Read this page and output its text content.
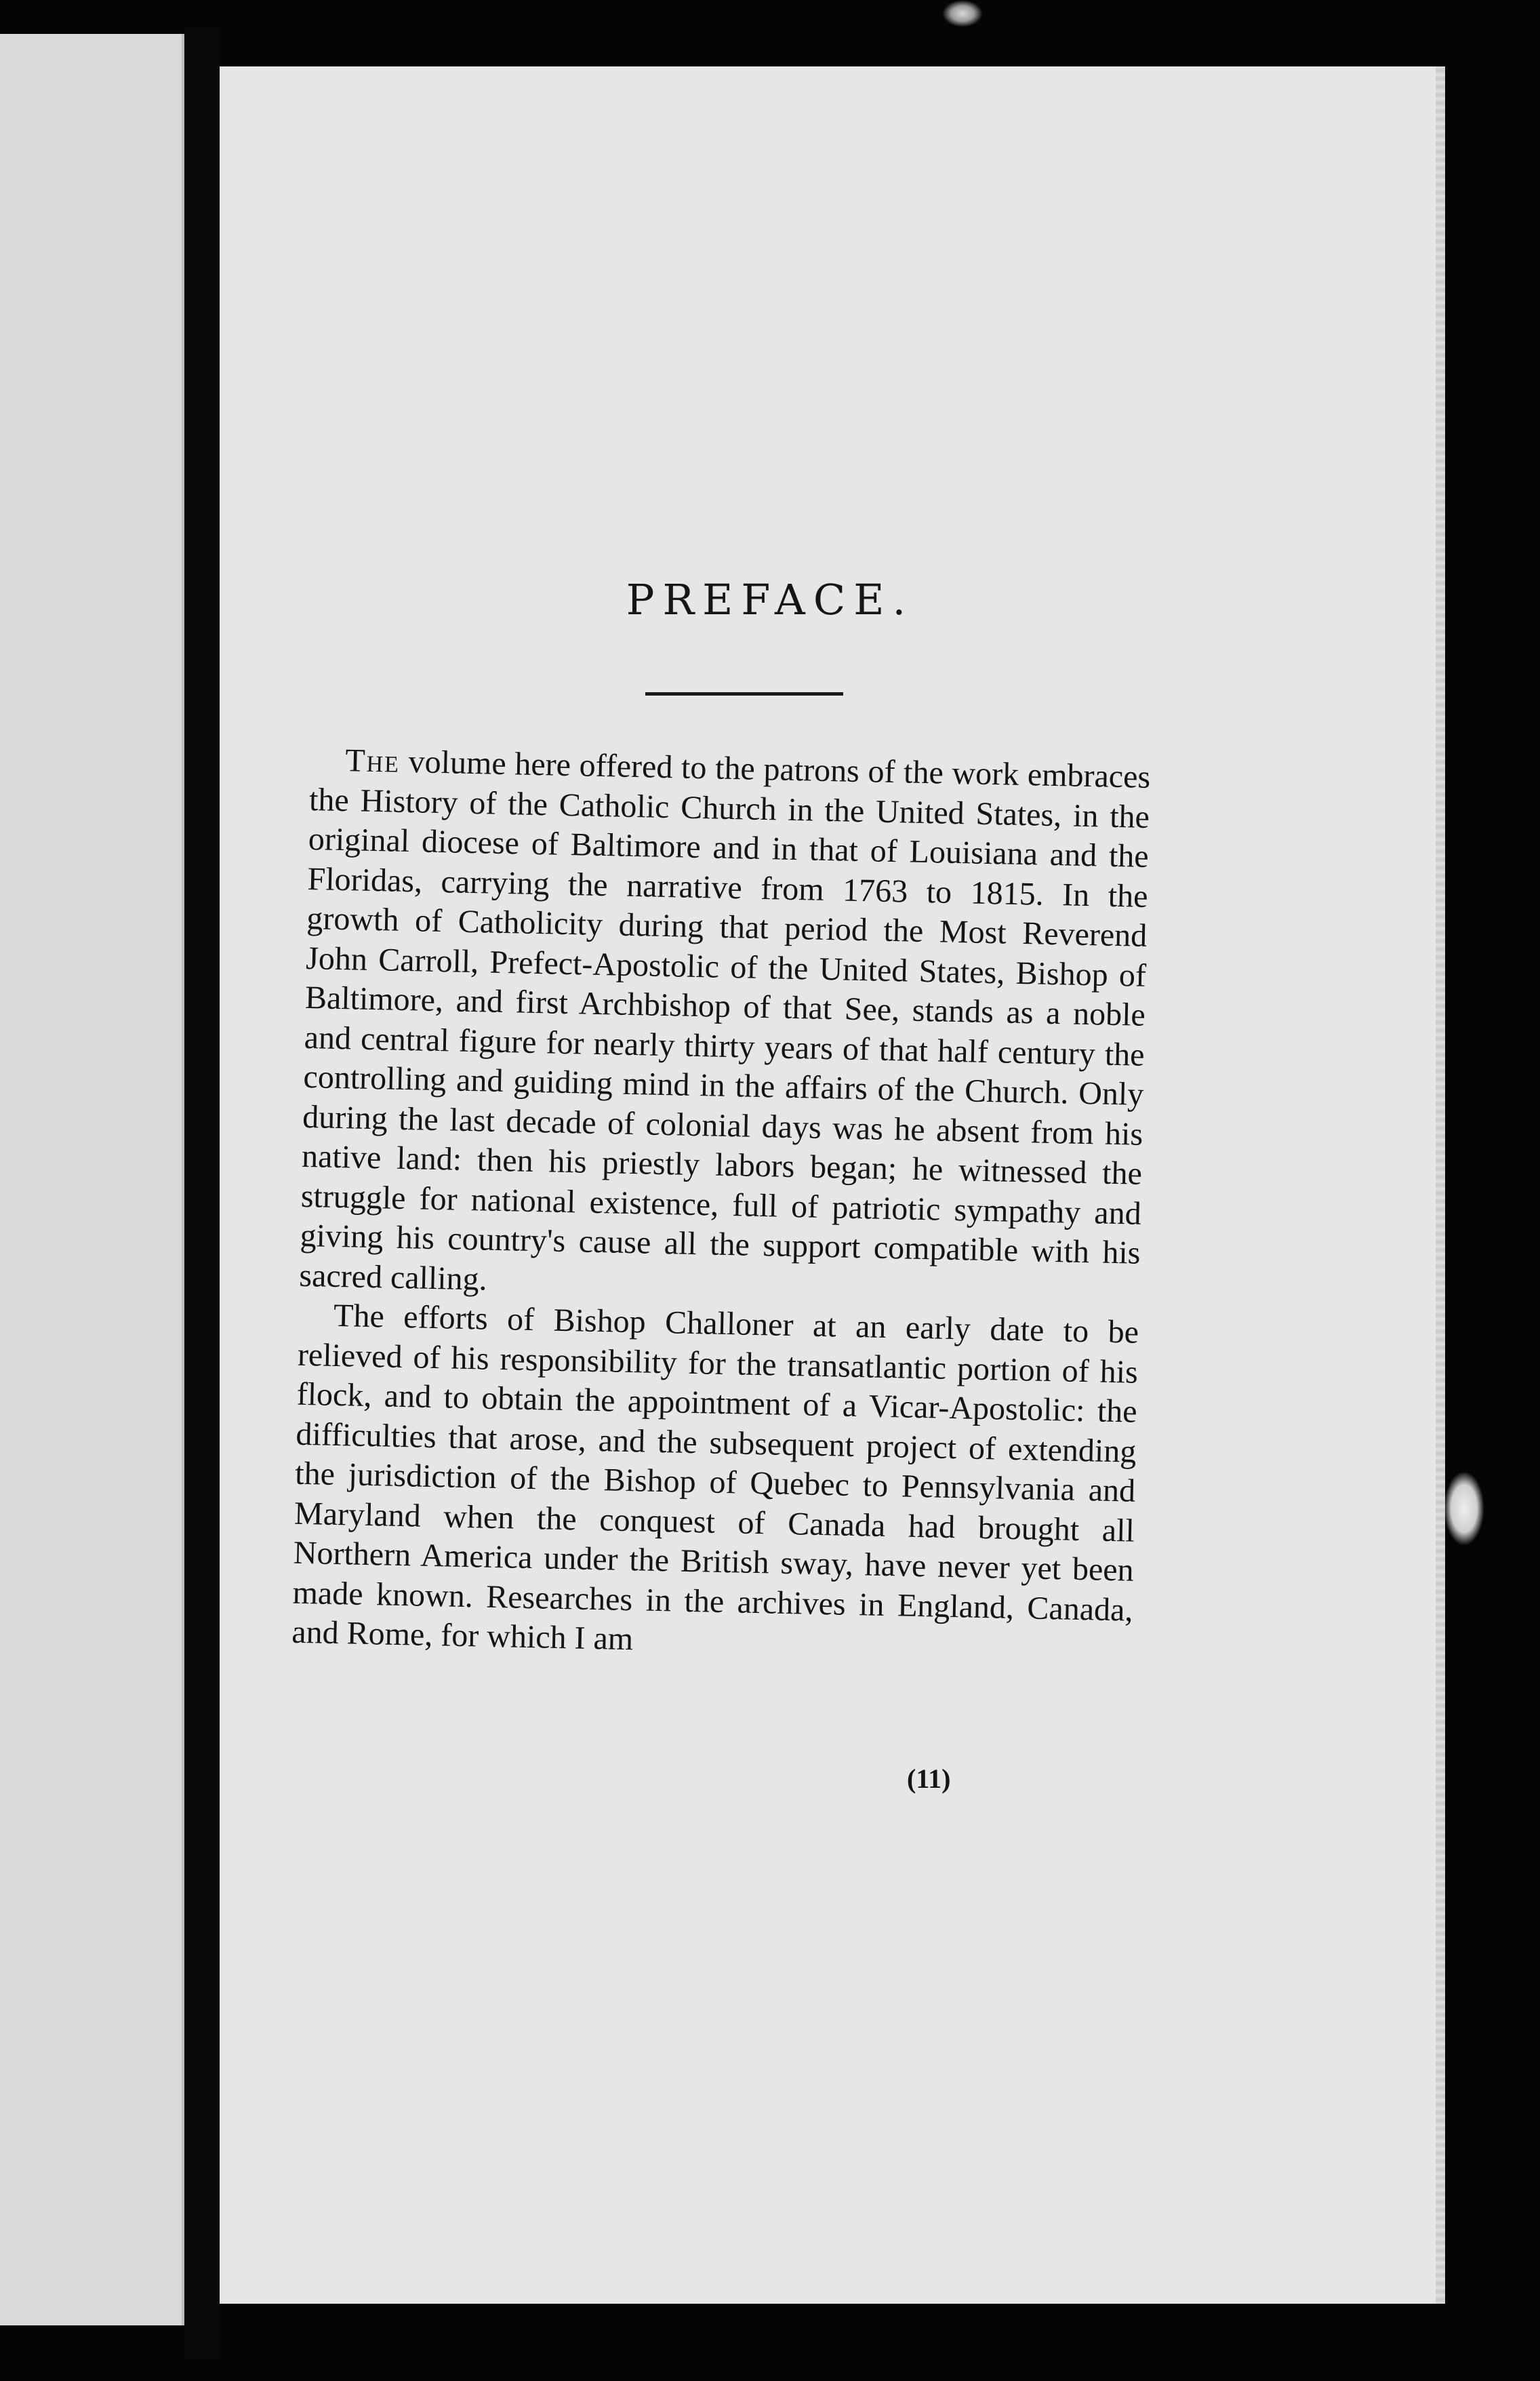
PREFACE.

The volume here offered to the patrons of the work embraces the History of the Catholic Church in the United States, in the original diocese of Baltimore and in that of Louisiana and the Floridas, carrying the narrative from 1763 to 1815. In the growth of Catholicity during that period the Most Reverend John Carroll, Prefect-Apostolic of the United States, Bishop of Baltimore, and first Archbishop of that See, stands as a noble and central figure for nearly thirty years of that half century the controlling and guiding mind in the affairs of the Church. Only during the last decade of colonial days was he absent from his native land: then his priestly labors began; he witnessed the struggle for national existence, full of patriotic sympathy and giving his country's cause all the support compatible with his sacred calling.

The efforts of Bishop Challoner at an early date to be relieved of his responsibility for the transatlantic portion of his flock, and to obtain the appointment of a Vicar-Apostolic: the difficulties that arose, and the subsequent project of extending the jurisdiction of the Bishop of Quebec to Pennsylvania and Maryland when the conquest of Canada had brought all Northern America under the British sway, have never yet been made known. Researches in the archives in England, Canada, and Rome, for which I am

(11)
